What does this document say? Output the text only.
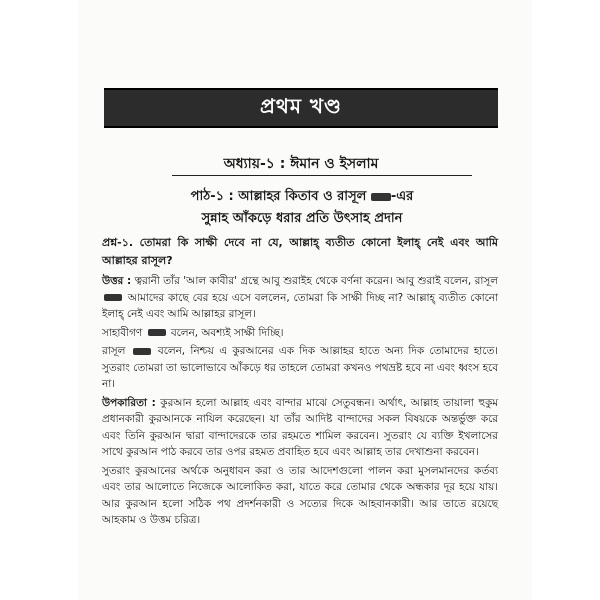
প্রথম খণ্ড
অধ্যায়-১ : ঈমান ও ইসলাম
পাঠ-১ : আল্লাহর কিতাব ও রাসূল -এর
সুন্নাহ আঁকড়ে ধরার প্রতি উৎসাহ প্রদান

প্রশ্ন-১. তোমরা কি সাক্ষী দেবে না যে, আল্লাহ্ ব্যতীত কোনো ইলাহ্ নেই এবং আমি আল্লাহর রাসূল?

উত্তর : ত্বরানী তাঁর 'আল কাবীর' গ্রন্থে আবু শুরাইহ থেকে বর্ণনা করেন। আবু শুরাই বলেন, রাসূল  আমাদের কাছে বের হয়ে এসে বললেন, তোমরা কি সাক্ষী দিচ্ছ না? আল্লাহ্ ব্যতীত কোনো ইলাহ্ নেই এবং আমি আল্লাহর রাসূল।

সাহাবীগণ	বলেন, অবশ্যই সাক্ষী দিচ্ছি।

রাসূল	বলেন, নিশ্চয় এ কুরআনের এক দিক আল্লাহর হাতে অন্য দিক তোমাদের হাতে। সুতরাং তোমরা তা ভালোভাবে আঁকড়ে ধর তাহলে তোমরা কখনও পথভ্রষ্ট হবে না এবং ধ্বংস হবে না।

উপকারিতা : কুরআন হলো আল্লাহ এবং বান্দার মাঝে সেতুবন্ধন। অর্থাৎ, আল্লাহ তায়ালা হুকুম প্রধানকারী কুরআনকে নাযিল করেছেন। যা তাঁর আদিষ্ট বান্দাদের সকল বিষয়কে অন্তর্ভুক্ত করে এবং তিনি কুরআন দ্বারা বান্দাদেরকে তার রহমতে শামিল করবেন। সুতরাং যে ব্যক্তি ইখলাসের সাথে কুরআন পাঠ করবে তার ওপর রহমত প্রবাহিত হবে এবং আল্লাহ তার দেখাশুনা করবেন।

সুতরাং কুরআনের অর্থকে অনুধাবন করা ও তার আদেশগুলো পালন করা মুসলমানদের কর্তব্য এবং তার আলোতে নিজেকে আলোকিত করা, যাতে করে তোমার থেকে অন্ধকার দূর হয়ে যায়। আর কুরআন হলো সঠিক পথ প্রদর্শনকারী ও সত্যের দিকে আহবানকারী। আর তাতে রয়েছে আহকাম ও উত্তম চরিত্র।
